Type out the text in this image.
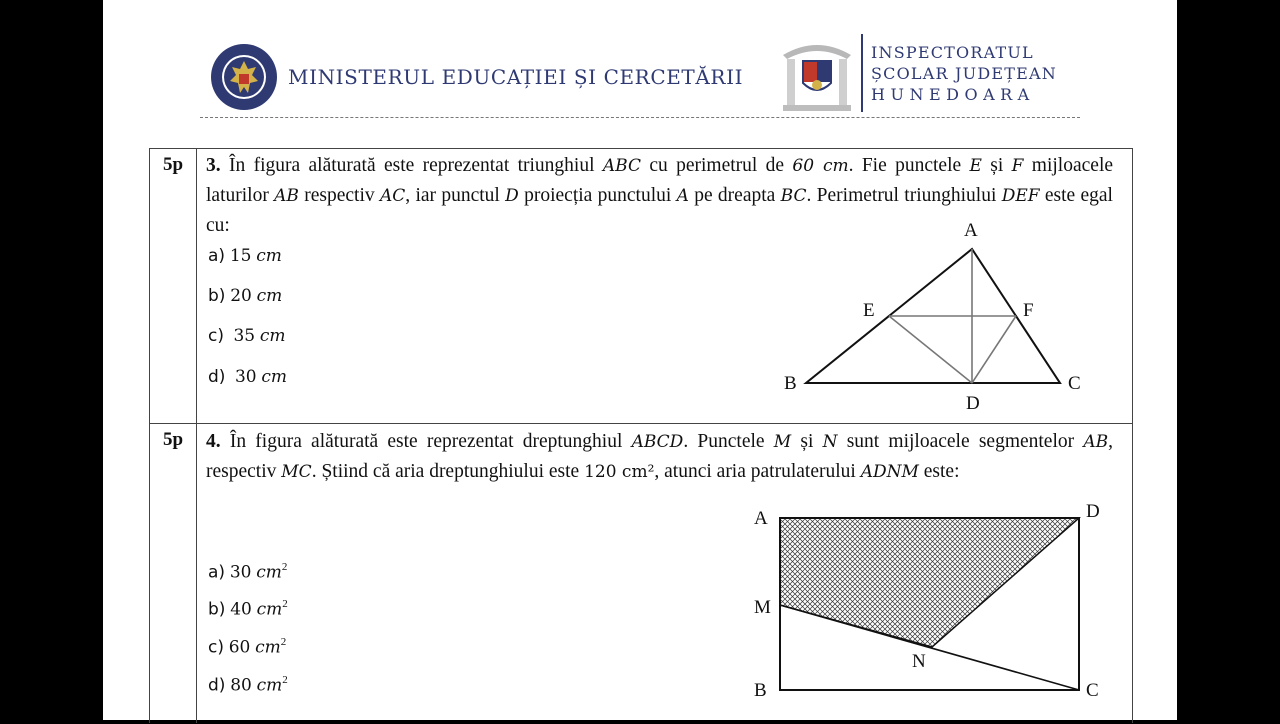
MINISTERUL EDUCAȚIEI ȘI CERCETĂRII
INSPECTORATUL
ȘCOLAR JUDEȚEAN
HUNEDOARA
5p	3. În figura alăturată este reprezentat triunghiul ABC cu perimetrul de 60 cm. Fie punctele E și F mijloacele laturilor AB respectiv AC, iar punctul D proiecția punctului A pe dreapta BC. Perimetrul triunghiului DEF este egal cu:
a) 15 cm
b) 20 cm
c) 35 cm
d) 30 cm
A
B	C
D
E	F
5p	4. În figura alăturată este reprezentat dreptunghiul ABCD. Punctele M și N sunt mijloacele segmentelor AB, respectiv MC. Știind că aria dreptunghiului este 120 cm², atunci aria patrulaterului ADNM este:
a) 30 $cm^2$
b) 40 $cm^2$
c) 60 $cm^2$
d) 80 $cm^2$
A
B	C
D
M
N
